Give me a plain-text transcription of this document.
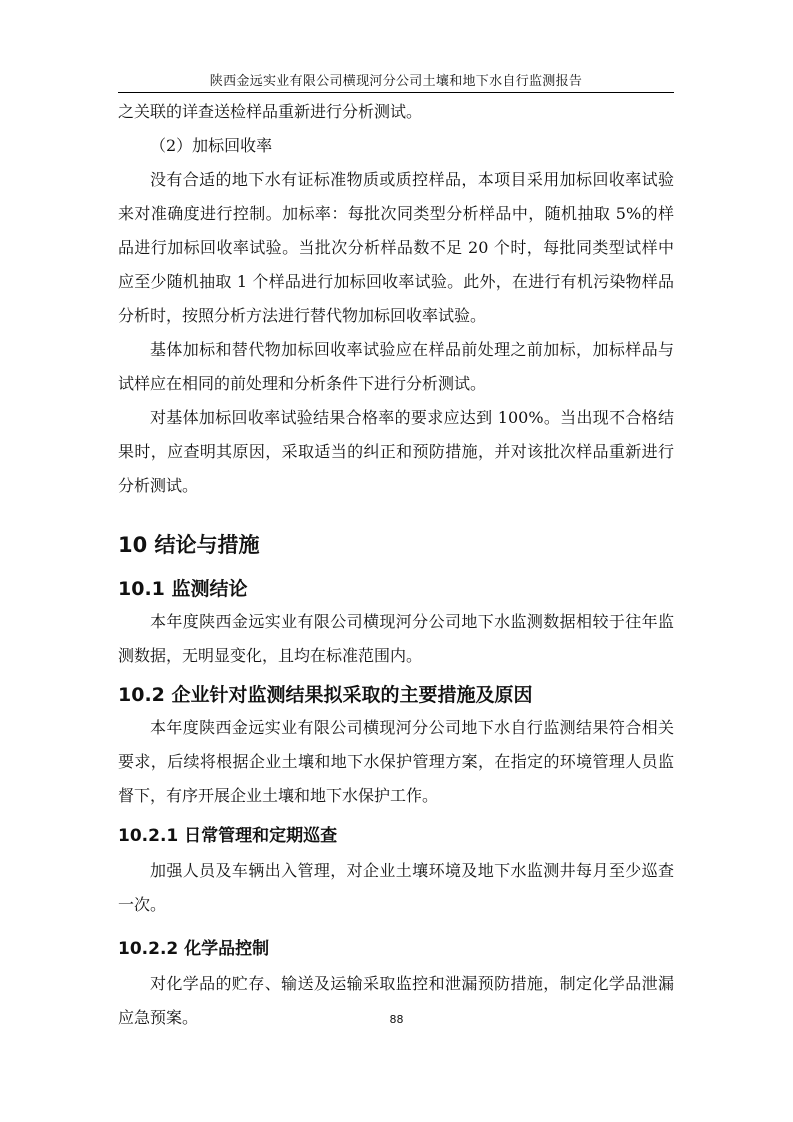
陕西金远实业有限公司横现河分公司土壤和地下水自行监测报告

之关联的详查送检样品重新进行分析测试。

（2）加标回收率

没有合适的地下水有证标准物质或质控样品，本项目采用加标回收率试验来对准确度进行控制。加标率：每批次同类型分析样品中，随机抽取 5%的样品进行加标回收率试验。当批次分析样品数不足 20 个时，每批同类型试样中应至少随机抽取 1 个样品进行加标回收率试验。此外，在进行有机污染物样品分析时，按照分析方法进行替代物加标回收率试验。

基体加标和替代物加标回收率试验应在样品前处理之前加标，加标样品与试样应在相同的前处理和分析条件下进行分析测试。

对基体加标回收率试验结果合格率的要求应达到 100%。当出现不合格结果时，应查明其原因，采取适当的纠正和预防措施，并对该批次样品重新进行分析测试。

10 结论与措施
10.1 监测结论

本年度陕西金远实业有限公司横现河分公司地下水监测数据相较于往年监测数据，无明显变化，且均在标准范围内。

10.2 企业针对监测结果拟采取的主要措施及原因

本年度陕西金远实业有限公司横现河分公司地下水自行监测结果符合相关要求，后续将根据企业土壤和地下水保护管理方案，在指定的环境管理人员监督下，有序开展企业土壤和地下水保护工作。

10.2.1 日常管理和定期巡查

加强人员及车辆出入管理，对企业土壤环境及地下水监测井每月至少巡查一次。

10.2.2 化学品控制

对化学品的贮存、输送及运输采取监控和泄漏预防措施，制定化学品泄漏应急预案。	88
